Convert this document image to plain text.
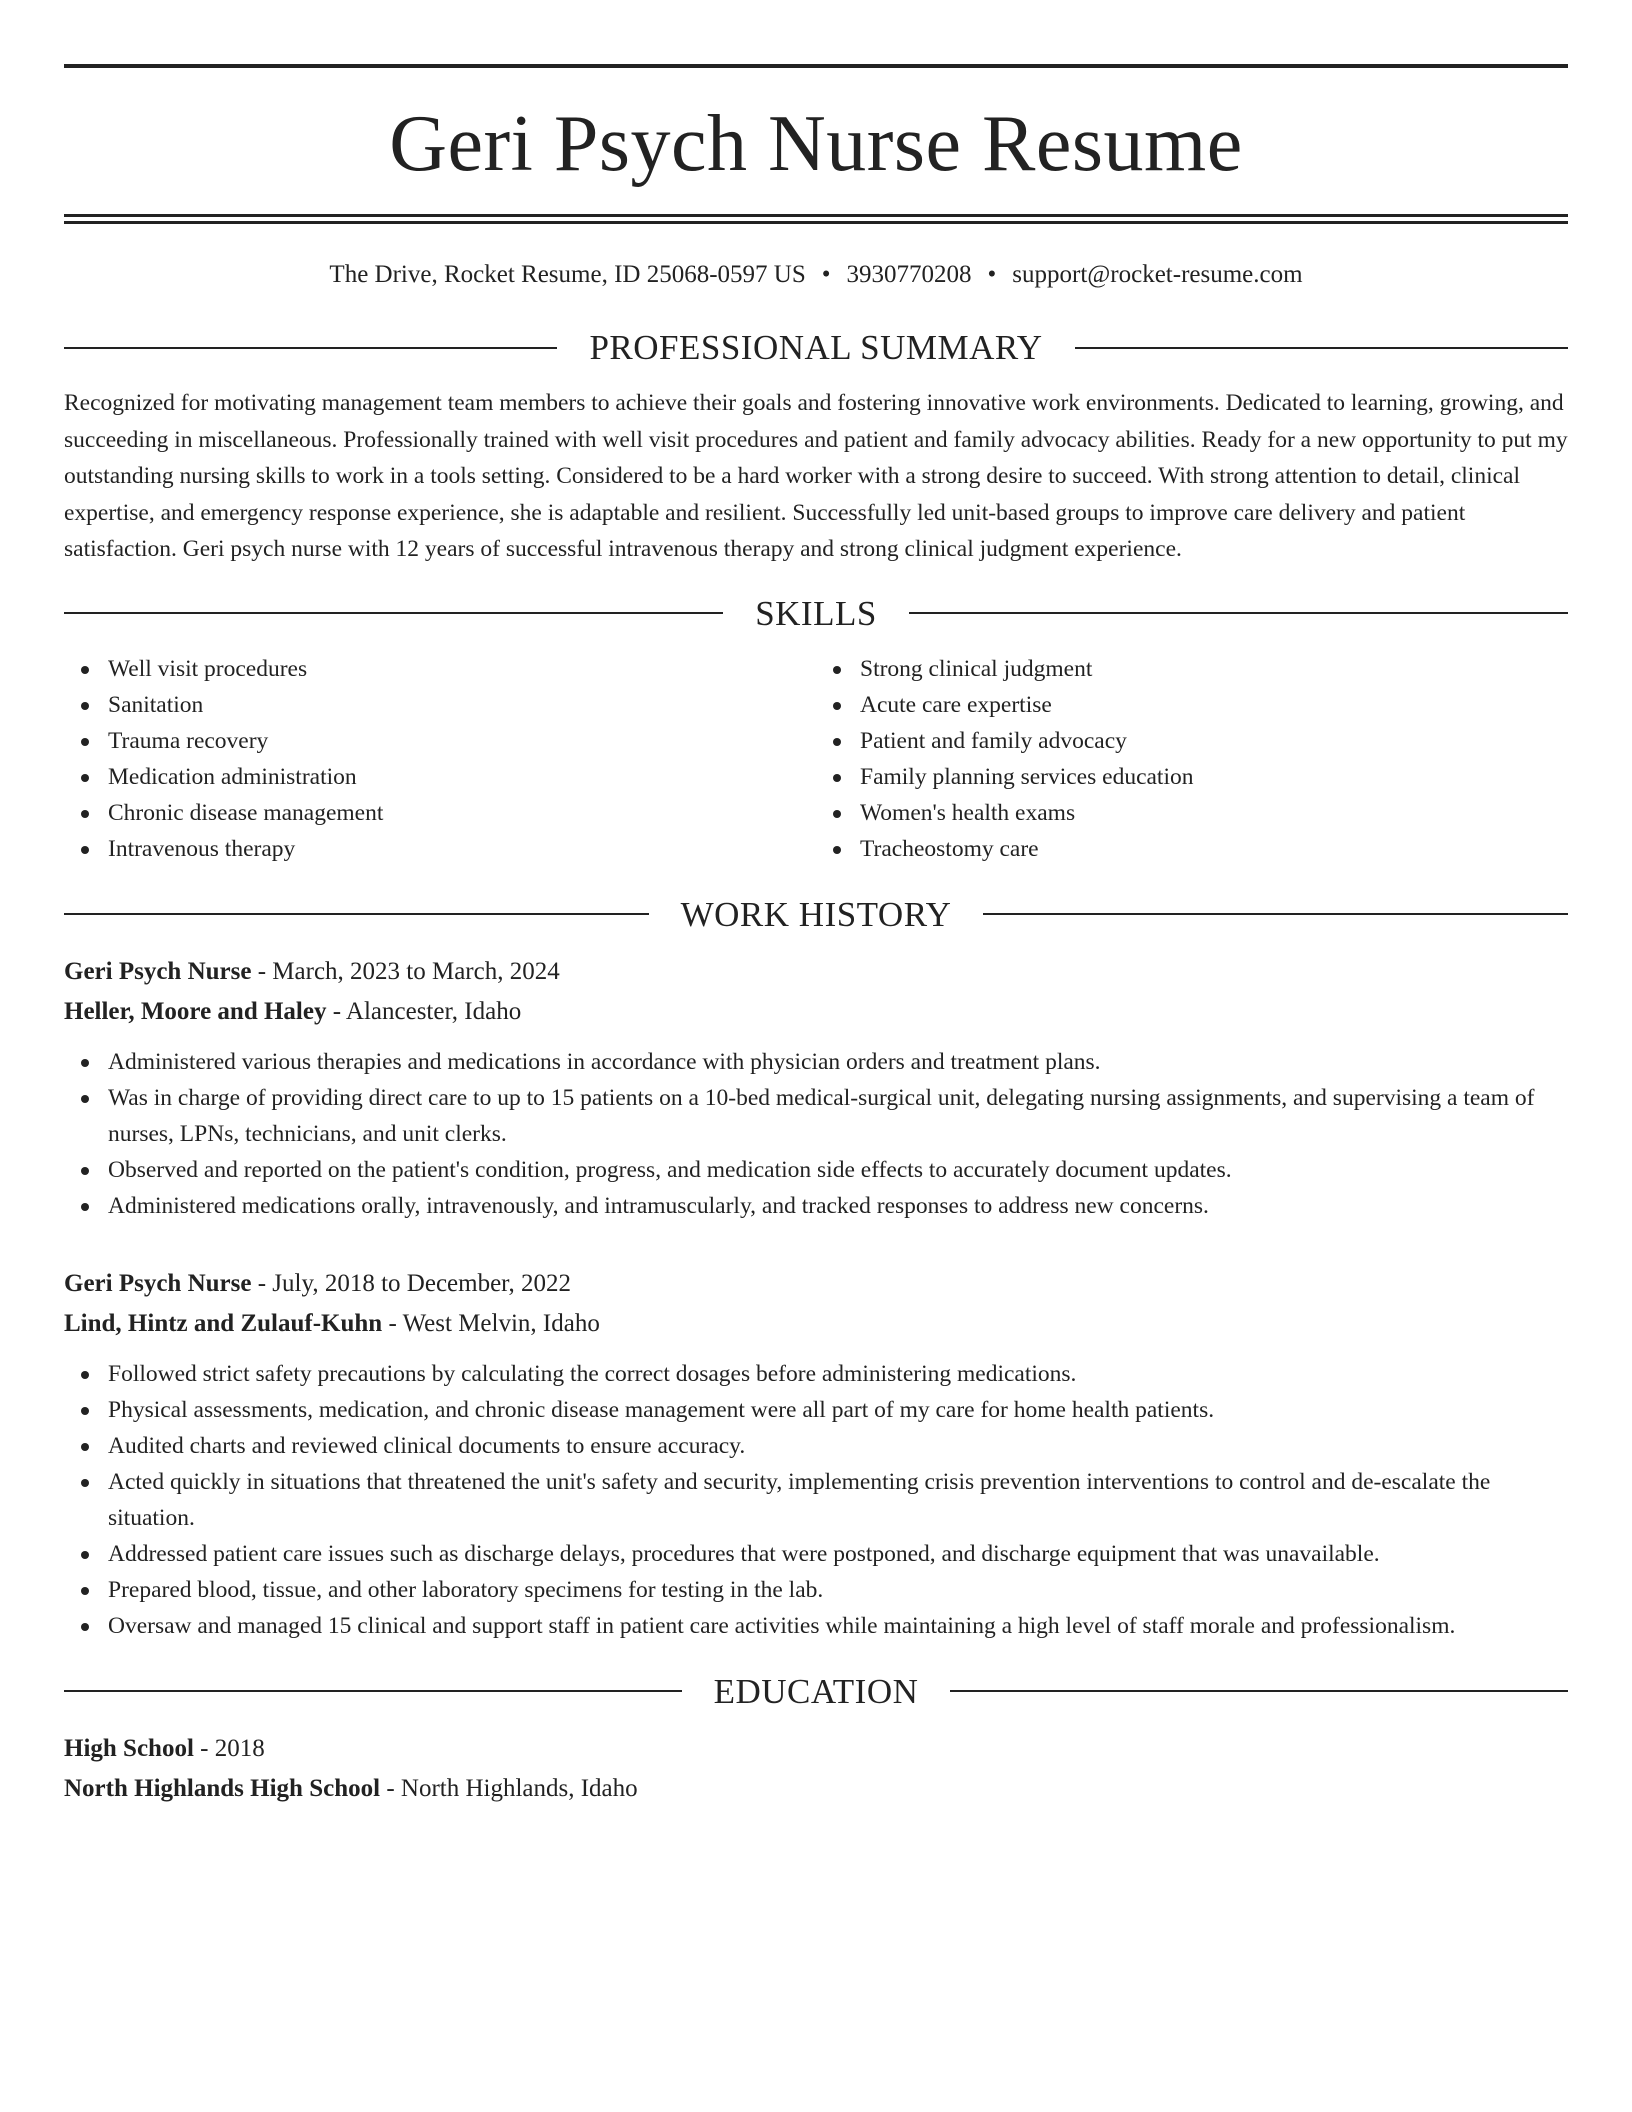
Geri Psych Nurse Resume
The Drive, Rocket Resume, ID 25068-0597 US • 3930770208 • support@rocket-resume.com
PROFESSIONAL SUMMARY

Recognized for motivating management team members to achieve their goals and fostering innovative work environments. Dedicated to learning, growing, and succeeding in miscellaneous. Professionally trained with well visit procedures and patient and family advocacy abilities. Ready for a new opportunity to put my outstanding nursing skills to work in a tools setting. Considered to be a hard worker with a strong desire to succeed. With strong attention to detail, clinical expertise, and emergency response experience, she is adaptable and resilient. Successfully led unit-based groups to improve care delivery and patient satisfaction. Geri psych nurse with 12 years of successful intravenous therapy and strong clinical judgment experience.

SKILLS
Well visit procedures
Sanitation
Trauma recovery
Medication administration
Chronic disease management
Intravenous therapy
Strong clinical judgment
Acute care expertise
Patient and family advocacy
Family planning services education
Women's health exams
Tracheostomy care
WORK HISTORY
Geri Psych Nurse - March, 2023 to March, 2024
Heller, Moore and Haley - Alancester, Idaho
Administered various therapies and medications in accordance with physician orders and treatment plans.
Was in charge of providing direct care to up to 15 patients on a 10-bed medical-surgical unit, delegating nursing assignments, and supervising a team of nurses, LPNs, technicians, and unit clerks.
Observed and reported on the patient's condition, progress, and medication side effects to accurately document updates.
Administered medications orally, intravenously, and intramuscularly, and tracked responses to address new concerns.
Geri Psych Nurse - July, 2018 to December, 2022
Lind, Hintz and Zulauf-Kuhn - West Melvin, Idaho
Followed strict safety precautions by calculating the correct dosages before administering medications.
Physical assessments, medication, and chronic disease management were all part of my care for home health patients.
Audited charts and reviewed clinical documents to ensure accuracy.
Acted quickly in situations that threatened the unit's safety and security, implementing crisis prevention interventions to control and de-escalate the situation.
Addressed patient care issues such as discharge delays, procedures that were postponed, and discharge equipment that was unavailable.
Prepared blood, tissue, and other laboratory specimens for testing in the lab.
Oversaw and managed 15 clinical and support staff in patient care activities while maintaining a high level of staff morale and professionalism.
EDUCATION
High School - 2018
North Highlands High School - North Highlands, Idaho
